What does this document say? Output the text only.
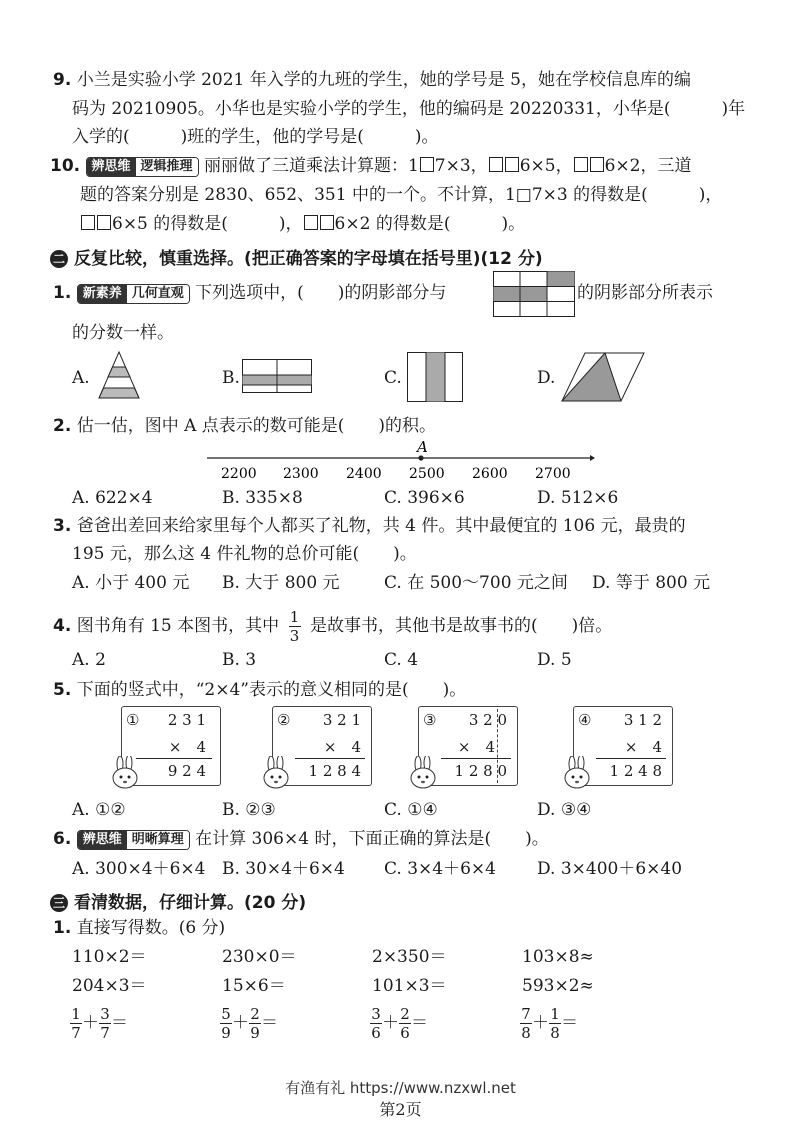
9. 小兰是实验小学 2021 年入学的九班的学生，她的学号是 5，她在学校信息库的编
码为 20210905。小华也是实验小学的学生，他的编码是 20220331，小华是(　　　)年
入学的(　　　)班的学生，他的学号是(　　　)。
10. 辨思维 逻辑推理 丽丽做了三道乘法计算题：1 7×3， 6×5， 6×2，三道
题的答案分别是 2830、652、351 中的一个。不计算，1□7×3 的得数是(　　　)，
6×5 的得数是(　　　)， 6×2 的得数是(　　　)。
二 反复比较，慎重选择。(把正确答案的字母填在括号里)(12 分)
1. 新素养 几何直观 下列选项中，(　　)的阴影部分与	的阴影部分所表示
的分数一样。
A.	B.	C.	D.
2. 估一估，图中 A 点表示的数可能是(　　)的积。
A
2200 2300 2400 2500 2600 2700
A. 622×4	B. 335×8	C. 396×6	D. 512×6
3. 爸爸出差回来给家里每个人都买了礼物，共 4 件。其中最便宜的 106 元，最贵的
195 元，那么这 4 件礼物的总价可能(　　)。
A. 小于 400 元 B. 大于 800 元	C. 在 500～700 元之间 D. 等于 800 元
4. 图书角有 15 本图书，其中 $\frac{1}{3}$ 是故事书，其他书是故事书的(　　)倍。
A. 2	B. 3	C. 4	D. 5
5. 下面的竖式中，“2×4”表示的意义相同的是(　　)。
① 2 3 1
×　4
9 2 4
② 3 2 1
×　4
1 2 8 4
③ 3 2 0
×　4
1 2 8 0
④ 3 1 2
×　4
1 2 4 8
A. ①②	B. ②③	C. ①④	D. ③④
6. 辨思维 明晰算理 在计算 306×4 时，下面正确的算法是(　　)。
A. 300×4＋6×4 B. 30×4＋6×4 C. 3×4＋6×4 D. 3×400＋6×40
三 看清数据，仔细计算。(20 分)
1. 直接写得数。(6 分)
110×2＝	230×0＝	2×350＝	103×8≈
204×3＝	15×6＝	101×3＝	593×2≈
$\frac{1}{7} + \frac{3}{7}$ ＝	$\frac{5}{9} + \frac{2}{9}$ ＝	$\frac{3}{6} + \frac{2}{6}$ ＝	$\frac{7}{8} + \frac{1}{8}$ ＝
有渔有礼 https://www.nzxwl.net
第2页
